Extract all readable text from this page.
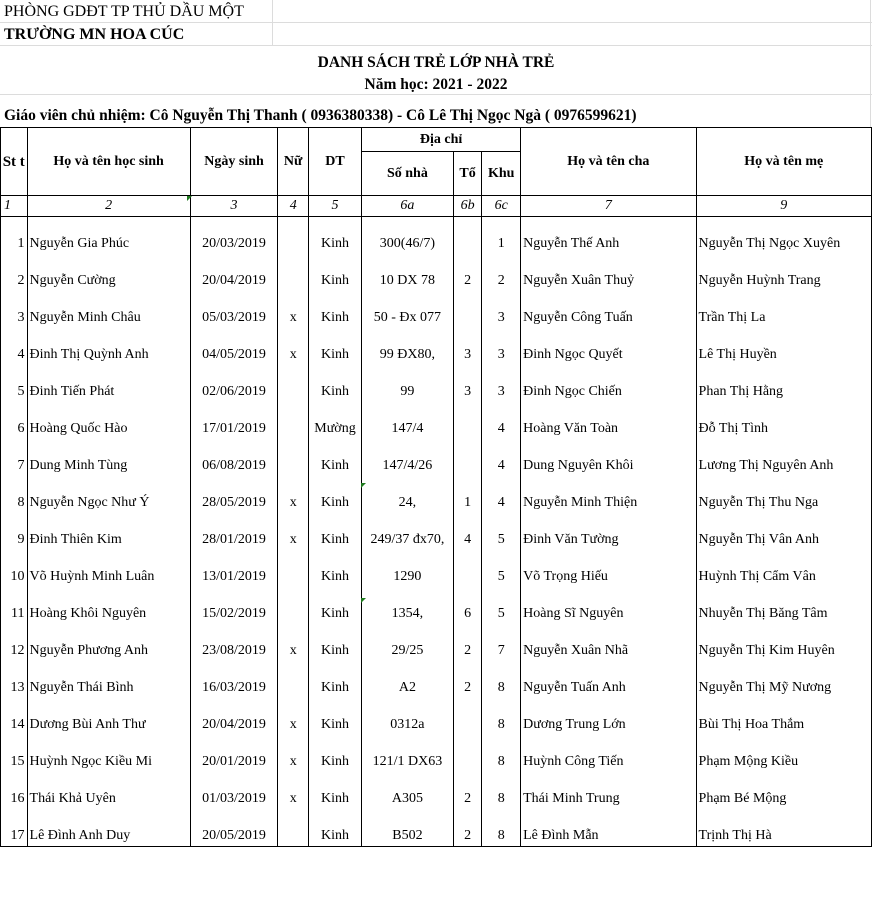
PHÒNG GDĐT TP THỦ DẦU MỘT
TRƯỜNG MN HOA CÚC
DANH SÁCH TRẺ LỚP NHÀ TRẺ
Năm học: 2021 - 2022
Giáo viên chủ nhiệm: Cô Nguyễn Thị Thanh ( 0936380338) - Cô Lê Thị Ngọc Ngà ( 0976599621)
St t	Họ và tên học sinh	Ngày sinh	Nữ	DT	Địa chỉ			Họ và tên cha	Họ và tên mẹ
					Số nhà	Tổ	Khu		
1	2	3	4	5	6a	6b	6c	7	9

1	Nguyễn Gia Phúc	20/03/2019		Kinh	300(46/7)		1	Nguyễn Thế Anh	Nguyễn Thị Ngọc Xuyên

2	Nguyễn Cường	20/04/2019		Kinh	10 DX 78	2	2	Nguyễn Xuân Thuỷ	Nguyễn Huỳnh Trang

3	Nguyễn Minh Châu	05/03/2019	x	Kinh	50 - Đx 077		3	Nguyễn Công Tuấn	Trần Thị La

4	Đinh Thị Quỳnh Anh	04/05/2019	x	Kinh	99 ĐX80,	3	3	Đinh Ngọc Quyết	Lê Thị Huyền

5	Đinh Tiến Phát	02/06/2019		Kinh	99	3	3	Đinh Ngọc Chiến	Phan Thị Hằng

6	Hoàng Quốc Hào	17/01/2019		Mường	147/4		4	Hoàng Văn Toàn	Đỗ Thị Tình

7	Dung Minh Tùng	06/08/2019		Kinh	147/4/26		4	Dung Nguyên Khôi	Lương Thị Nguyên Anh

8	Nguyễn Ngọc Như Ý	28/05/2019	x	Kinh	24,	1	4	Nguyễn Minh Thiện	Nguyễn Thị Thu Nga

9	Đinh Thiên Kim	28/01/2019	x	Kinh	249/37 đx70,	4	5	Đinh Văn Tường	Nguyễn Thị Vân Anh

10	Võ Huỳnh Minh Luân	13/01/2019		Kinh	1290		5	Võ Trọng Hiếu	Huỳnh Thị Cẩm Vân

11	Hoàng Khôi Nguyên	15/02/2019		Kinh	1354,	6	5	Hoàng Sĩ Nguyên	Nhuyễn Thị Băng Tâm

12	Nguyễn Phương Anh	23/08/2019	x	Kinh	29/25	2	7	Nguyễn Xuân Nhã	Nguyễn Thị Kim Huyên

13	Nguyễn Thái Bình	16/03/2019		Kinh	A2	2	8	Nguyễn Tuấn Anh	Nguyễn Thị Mỹ Nương

14	Dương Bùi Anh Thư	20/04/2019	x	Kinh	0312a		8	Dương Trung Lớn	Bùi Thị Hoa Thắm

15	Huỳnh Ngọc Kiều Mi	20/01/2019	x	Kinh	121/1 DX63		8	Huỳnh Công Tiến	Phạm Mộng Kiều

16	Thái Khả Uyên	01/03/2019	x	Kinh	A305	2	8	Thái Minh Trung	Phạm Bé Mộng

17	Lê Đình Anh Duy	20/05/2019		Kinh	B502	2	8	Lê Đình Mẫn	Trịnh Thị Hà
